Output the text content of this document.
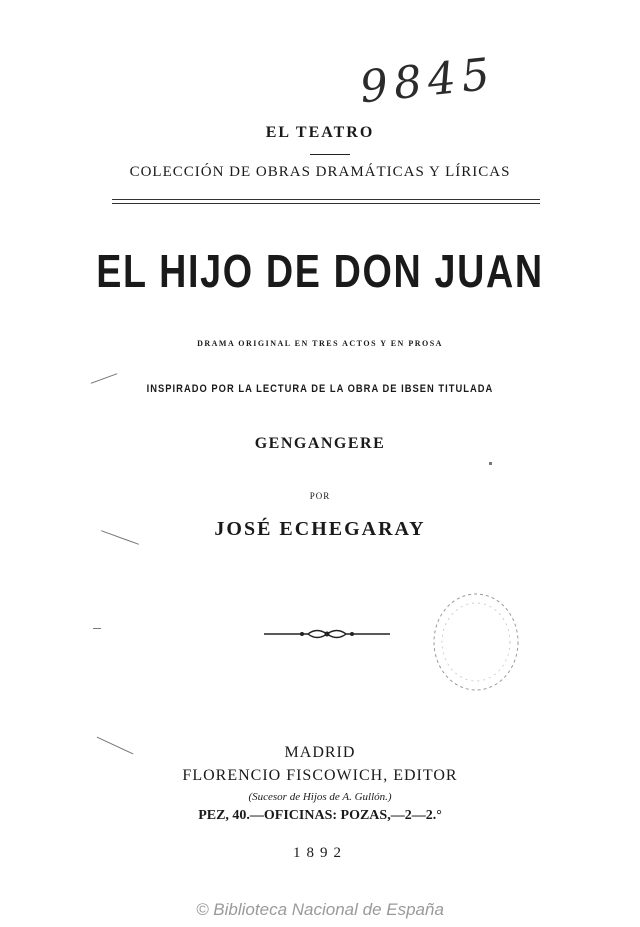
9845
EL TEATRO
COLECCIÓN DE OBRAS DRAMÁTICAS Y LÍRICAS
EL HIJO DE DON JUAN
DRAMA ORIGINAL EN TRES ACTOS Y EN PROSA
INSPIRADO POR LA LECTURA DE LA OBRA DE IBSEN TITULADA
GENGANGERE
POR
JOSÉ ECHEGARAY
MADRID
FLORENCIO FISCOWICH, EDITOR
(Sucesor de Hijos de A. Gullón.)
PEZ, 40.—OFICINAS: POZAS,—2—2.°
1892
© Biblioteca Nacional de España
